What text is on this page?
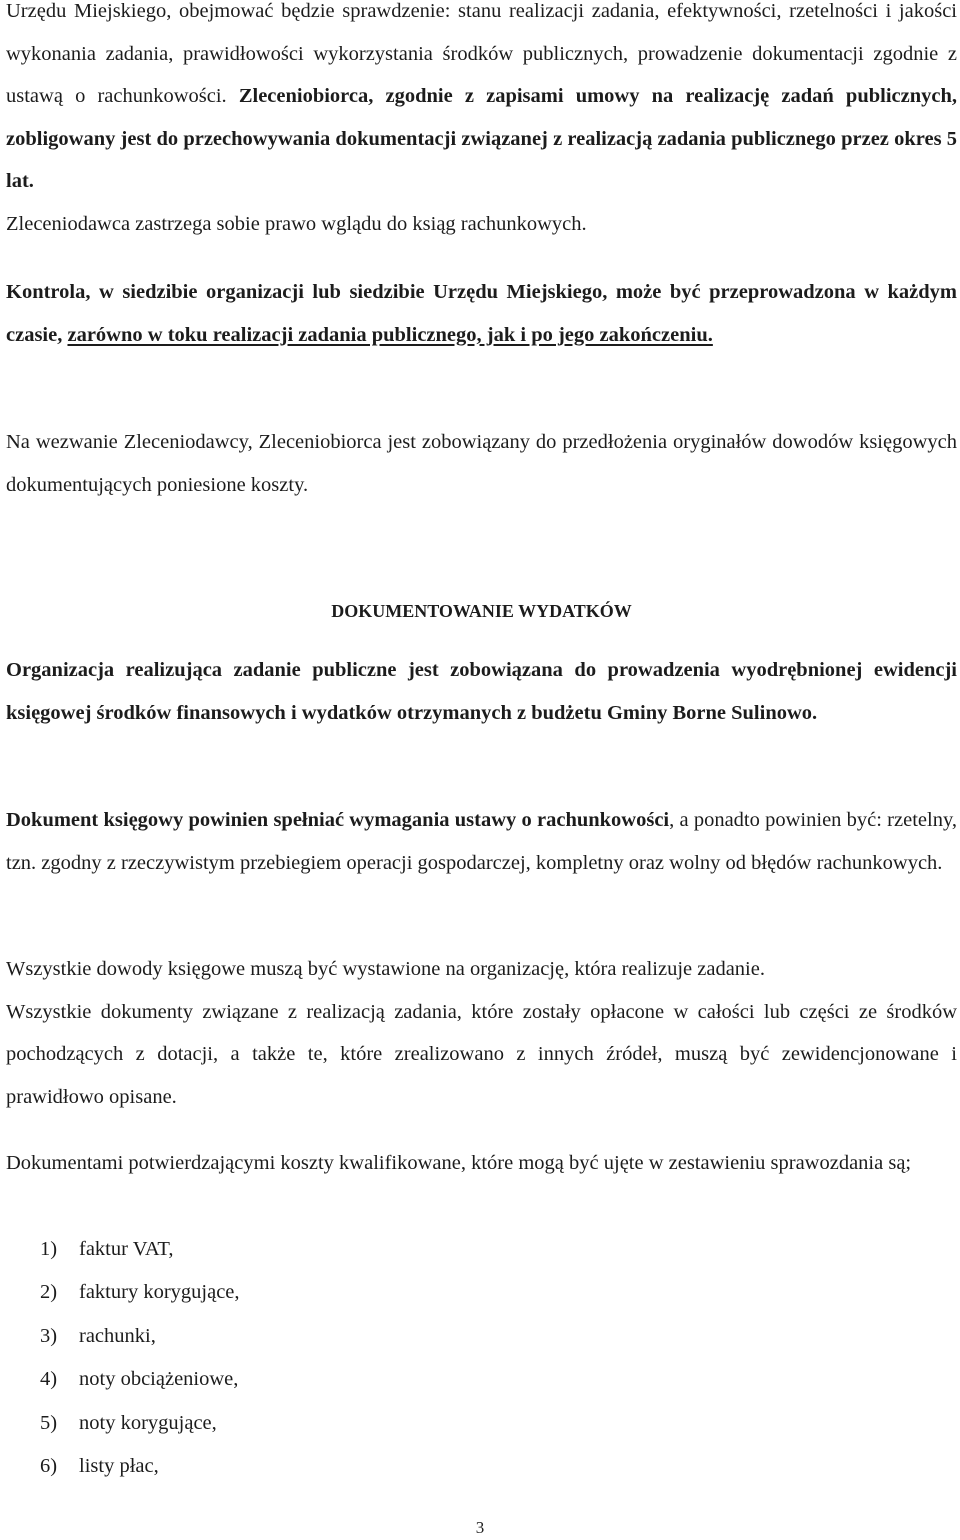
Urzędu Miejskiego, obejmować będzie sprawdzenie: stanu realizacji zadania, efektywności, rzetelności i jakości wykonania zadania, prawidłowości wykorzystania środków publicznych, prowadzenie dokumentacji zgodnie z ustawą o rachunkowości. Zleceniobiorca, zgodnie z zapisami umowy na realizację zadań publicznych, zobligowany jest do przechowywania dokumentacji związanej z realizacją zadania publicznego przez okres 5 lat.
Zleceniodawca zastrzega sobie prawo wglądu do ksiąg rachunkowych.
Kontrola, w siedzibie organizacji lub siedzibie Urzędu Miejskiego, może być przeprowadzona w każdym czasie, zarówno w toku realizacji zadania publicznego, jak i po jego zakończeniu.
Na wezwanie Zleceniodawcy, Zleceniobiorca jest zobowiązany do przedłożenia oryginałów dowodów księgowych dokumentujących poniesione koszty.
DOKUMENTOWANIE WYDATKÓW
Organizacja realizująca zadanie publiczne jest zobowiązana do prowadzenia wyodrębnionej ewidencji księgowej środków finansowych i wydatków otrzymanych z budżetu Gminy Borne Sulinowo.
Dokument księgowy powinien spełniać wymagania ustawy o rachunkowości, a ponadto powinien być: rzetelny, tzn. zgodny z rzeczywistym przebiegiem operacji gospodarczej, kompletny oraz wolny od błędów rachunkowych.
Wszystkie dowody księgowe muszą być wystawione na organizację, która realizuje zadanie.
Wszystkie dokumenty związane z realizacją zadania, które zostały opłacone w całości lub części ze środków pochodzących z dotacji, a także te, które zrealizowano z innych źródeł, muszą być zewidencjonowane i prawidłowo opisane.
Dokumentami potwierdzającymi koszty kwalifikowane, które mogą być ujęte w zestawieniu sprawozdania są;
1) faktur VAT,
2) faktury korygujące,
3) rachunki,
4) noty obciążeniowe,
5) noty korygujące,
6) listy płac,
3
